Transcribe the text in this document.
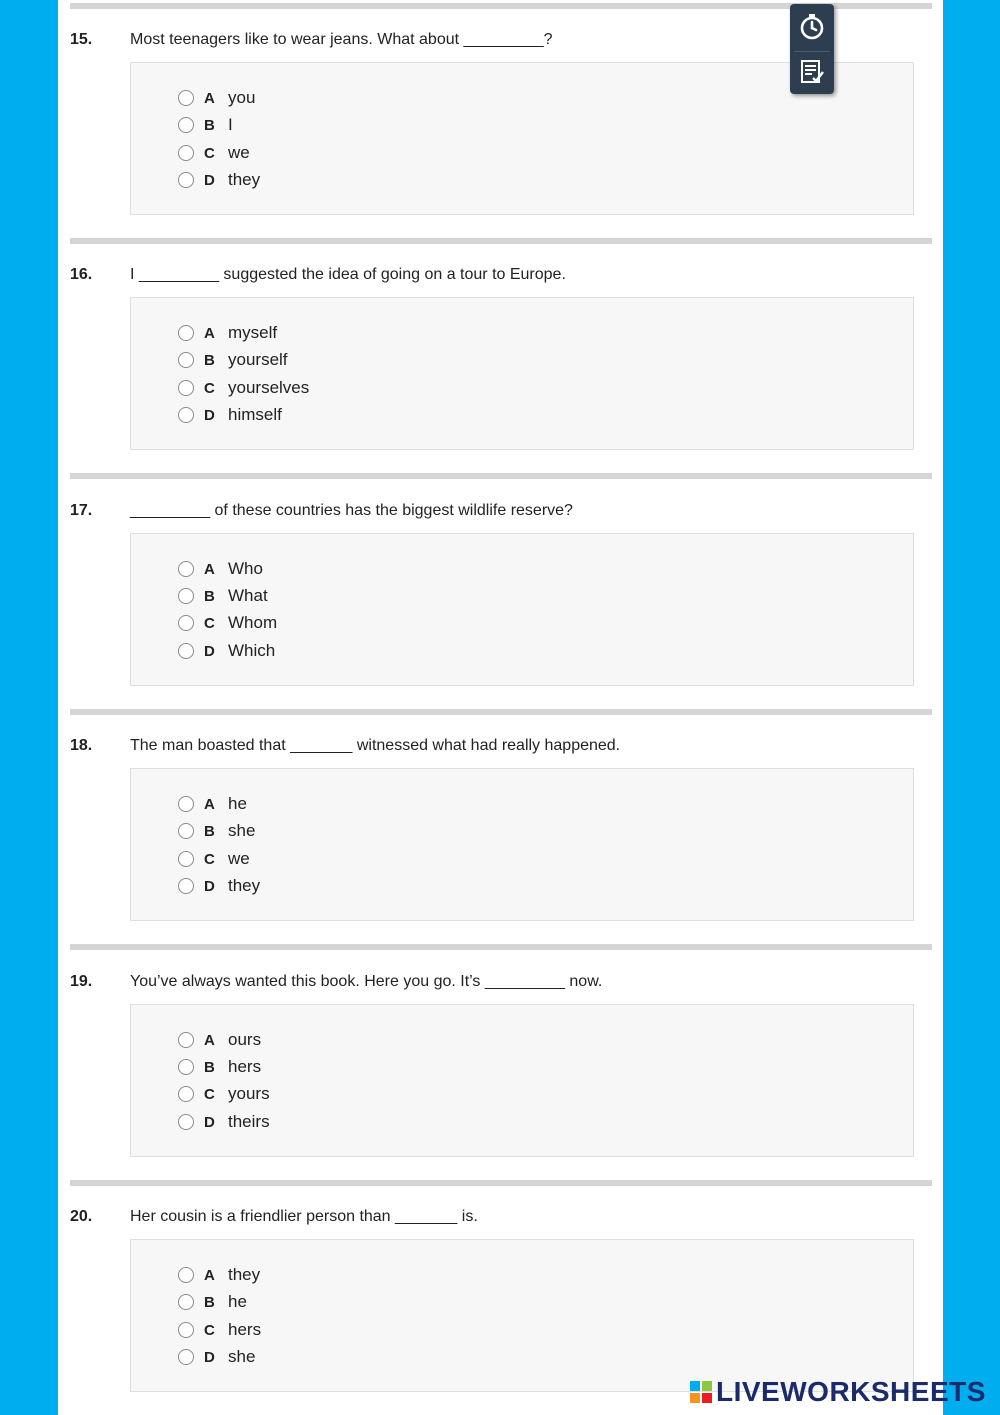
15. Most teenagers like to wear jeans. What about _________?
A you
B I
C we
D they
16. I _________ suggested the idea of going on a tour to Europe.
A myself
B yourself
C yourselves
D himself
17. _________ of these countries has the biggest wildlife reserve?
A Who
B What
C Whom
D Which
18. The man boasted that _______ witnessed what had really happened.
A he
B she
C we
D they
19. You’ve always wanted this book. Here you go. It’s _________ now.
A ours
B hers
C yours
D theirs
20. Her cousin is a friendlier person than _______ is.
A they
B he
C hers
D she
LIVEWORKSHEETS
